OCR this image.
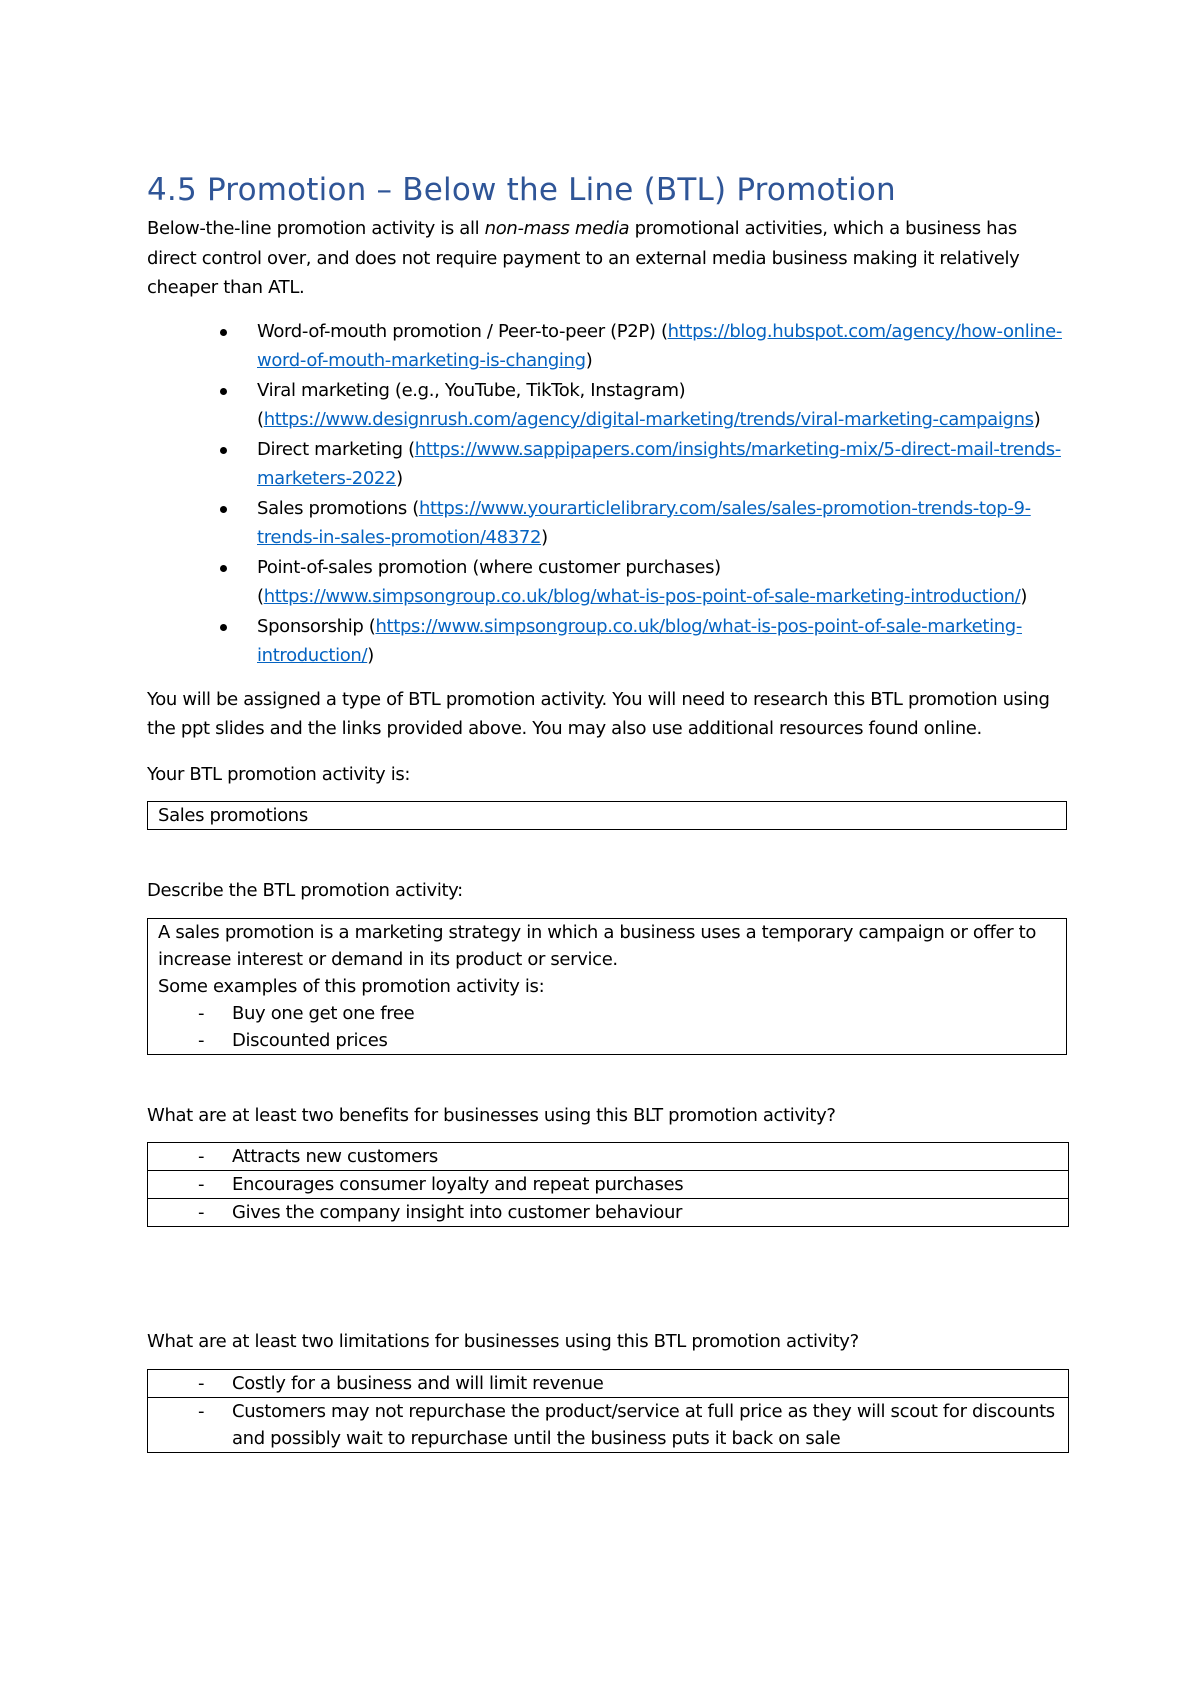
4.5 Promotion – Below the Line (BTL) Promotion

Below-the-line promotion activity is all non-mass media promotional activities, which a business has direct control over, and does not require payment to an external media business making it relatively cheaper than ATL.

Word-of-mouth promotion / Peer-to-peer (P2P) (https://blog.hubspot.com/agency/how-online-word-of-mouth-marketing-is-changing)
Viral marketing (e.g., YouTube, TikTok, Instagram) (https://www.designrush.com/agency/digital-marketing/trends/viral-marketing-campaigns)
Direct marketing (https://www.sappipapers.com/insights/marketing-mix/5-direct-mail-trends-marketers-2022)
Sales promotions (https://www.yourarticlelibrary.com/sales/sales-promotion-trends-top-9-trends-in-sales-promotion/48372)
Point-of-sales promotion (where customer purchases) (https://www.simpsongroup.co.uk/blog/what-is-pos-point-of-sale-marketing-introduction/)
Sponsorship (https://www.simpsongroup.co.uk/blog/what-is-pos-point-of-sale-marketing-introduction/)

You will be assigned a type of BTL promotion activity. You will need to research this BTL promotion using the ppt slides and the links provided above. You may also use additional resources found online.

Your BTL promotion activity is:

Sales promotions

Describe the BTL promotion activity:

A sales promotion is a marketing strategy in which a business uses a temporary campaign or offer to increase interest or demand in its product or service.
Some examples of this promotion activity is:
- Buy one get one free
- Discounted prices

What are at least two benefits for businesses using this BLT promotion activity?

- Attracts new customers

- Encourages consumer loyalty and repeat purchases

- Gives the company insight into customer behaviour

What are at least two limitations for businesses using this BTL promotion activity?

- Costly for a business and will limit revenue

- Customers may not repurchase the product/service at full price as they will scout for discounts and possibly wait to repurchase until the business puts it back on sale
